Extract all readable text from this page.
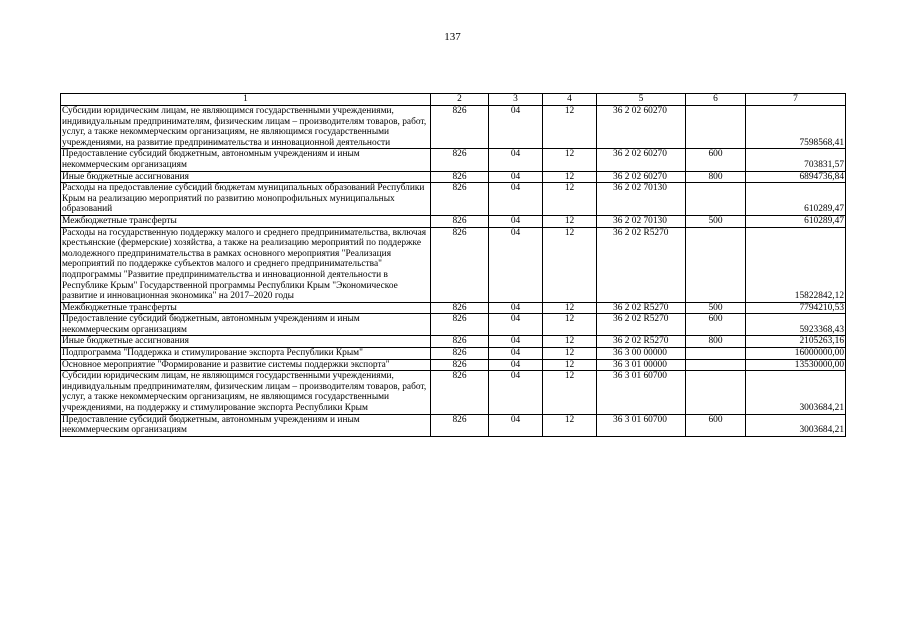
137
1	2	3	4	5	6	7
Субсидии юридическим лицам, не являющимся государственными учреждениями, индивидуальным предпринимателям, физическим лицам – производителям товаров, работ, услуг, а также некоммерческим организациям, не являющимся государственными учреждениями, на развитие предпринимательства и инновационной деятельности	826	04	12	36 2 02 60270		7598568,41
Предоставление субсидий бюджетным, автономным учреждениям и иным некоммерческим организациям	826	04	12	36 2 02 60270	600	703831,57
Иные бюджетные ассигнования	826	04	12	36 2 02 60270	800	6894736,84
Расходы на предоставление субсидий бюджетам муниципальных образований Республики Крым на реализацию мероприятий по развитию монопрофильных муниципальных образований	826	04	12	36 2 02 70130		610289,47
Межбюджетные трансферты	826	04	12	36 2 02 70130	500	610289,47
Расходы на государственную поддержку малого и среднего предпринимательства, включая крестьянские (фермерские) хозяйства, а также на реализацию мероприятий по поддержке молодежного предпринимательства в рамках основного мероприятия "Реализация мероприятий по поддержке субъектов малого и среднего предпринимательства" подпрограммы "Развитие предпринимательства и инновационной деятельности в Республике Крым" Государственной программы Республики Крым "Экономическое развитие и инновационная экономика" на 2017–2020 годы	826	04	12	36 2 02 R5270		15822842,12
Межбюджетные трансферты	826	04	12	36 2 02 R5270	500	7794210,53
Предоставление субсидий бюджетным, автономным учреждениям и иным некоммерческим организациям	826	04	12	36 2 02 R5270	600	5923368,43
Иные бюджетные ассигнования	826	04	12	36 2 02 R5270	800	2105263,16
Подпрограмма "Поддержка и стимулирование экспорта Республики Крым"	826	04	12	36 3 00 00000		16000000,00
Основное мероприятие "Формирование и развитие системы поддержки экспорта"	826	04	12	36 3 01 00000		13530000,00
Субсидии юридическим лицам, не являющимся государственными учреждениями, индивидуальным предпринимателям, физическим лицам – производителям товаров, работ, услуг, а также некоммерческим организациям, не являющимся государственными учреждениями, на поддержку и стимулирование экспорта Республики Крым	826	04	12	36 3 01 60700		3003684,21
Предоставление субсидий бюджетным, автономным учреждениям и иным некоммерческим организациям	826	04	12	36 3 01 60700	600	3003684,21
